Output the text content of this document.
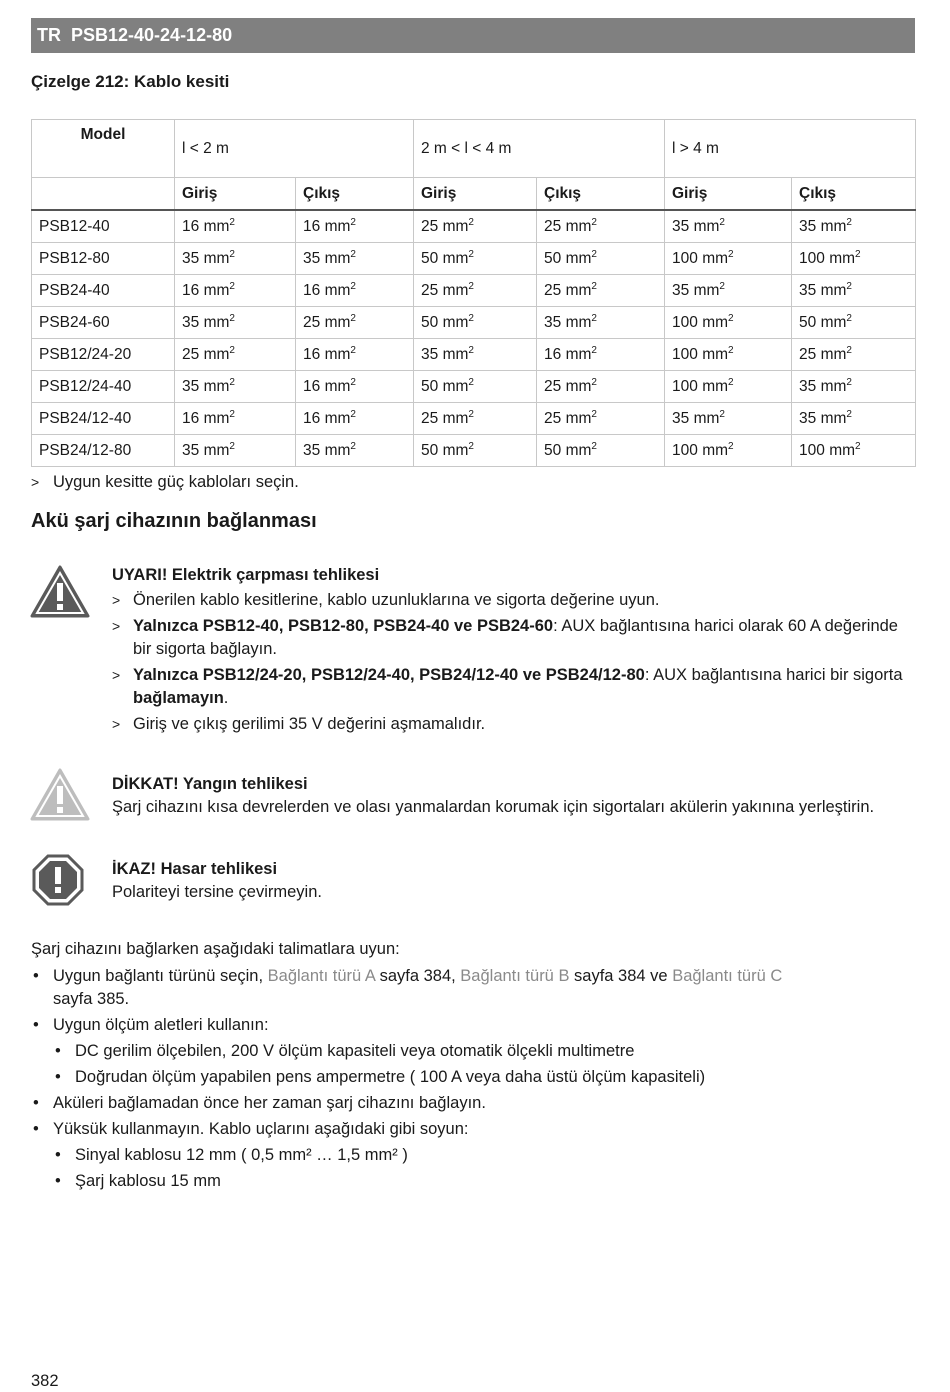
TR PSB12-40-24-12-80
Çizelge 212: Kablo kesiti
Model	l < 2 m		2 m < l < 4 m		l > 4 m	
	Giriş	Çıkış	Giriş	Çıkış	Giriş	Çıkış
PSB12-40	16 $mm^2$	16 $mm^2$	25 $mm^2$	25 $mm^2$	35 $mm^2$	35 $mm^2$
PSB12-80	35 $mm^2$	35 $mm^2$	50 $mm^2$	50 $mm^2$	100 $mm^2$	100 $mm^2$
PSB24-40	16 $mm^2$	16 $mm^2$	25 $mm^2$	25 $mm^2$	35 $mm^2$	35 $mm^2$
PSB24-60	35 $mm^2$	25 $mm^2$	50 $mm^2$	35 $mm^2$	100 $mm^2$	50 $mm^2$
PSB12/24-20	25 $mm^2$	16 $mm^2$	35 $mm^2$	16 $mm^2$	100 $mm^2$	25 $mm^2$
PSB12/24-40	35 $mm^2$	16 $mm^2$	50 $mm^2$	25 $mm^2$	100 $mm^2$	35 $mm^2$
PSB24/12-40	16 $mm^2$	16 $mm^2$	25 $mm^2$	25 $mm^2$	35 $mm^2$	35 $mm^2$
PSB24/12-80	35 $mm^2$	35 $mm^2$	50 $mm^2$	50 $mm^2$	100 $mm^2$	100 $mm^2$
> Uygun kesitte güç kabloları seçin.
Akü şarj cihazının bağlanması
UYARI! Elektrik çarpması tehlikesi
> Önerilen kablo kesitlerine, kablo uzunluklarına ve sigorta değerine uyun.
> Yalnızca PSB12-40, PSB12-80, PSB24-40 ve PSB24-60: AUX bağlantısına harici olarak 60 A değerinde bir sigorta bağlayın.
> Yalnızca PSB12/24-20, PSB12/24-40, PSB24/12-40 ve PSB24/12-80: AUX bağlantısına harici bir sigorta bağlamayın.
> Giriş ve çıkış gerilimi 35 V değerini aşmamalıdır.
DİKKAT! Yangın tehlikesi
Şarj cihazını kısa devrelerden ve olası yanmalardan korumak için sigortaları akülerin yakınına yerleştirin.
İKAZ! Hasar tehlikesi
Polariteyi tersine çevirmeyin.

Şarj cihazını bağlarken aşağıdaki talimatlara uyun:

• Uygun bağlantı türünü seçin, Bağlantı türü A sayfa 384, Bağlantı türü B sayfa 384 ve Bağlantı türü C
sayfa 385.
• Uygun ölçüm aletleri kullanın:
• DC gerilim ölçebilen, 200 V ölçüm kapasiteli veya otomatik ölçekli multimetre
• Doğrudan ölçüm yapabilen pens ampermetre ( 100 A veya daha üstü ölçüm kapasiteli)
• Aküleri bağlamadan önce her zaman şarj cihazını bağlayın.
• Yüksük kullanmayın. Kablo uçlarını aşağıdaki gibi soyun:
• Sinyal kablosu 12 mm ( 0,5 mm² … 1,5 mm² )
• Şarj kablosu 15 mm
382
